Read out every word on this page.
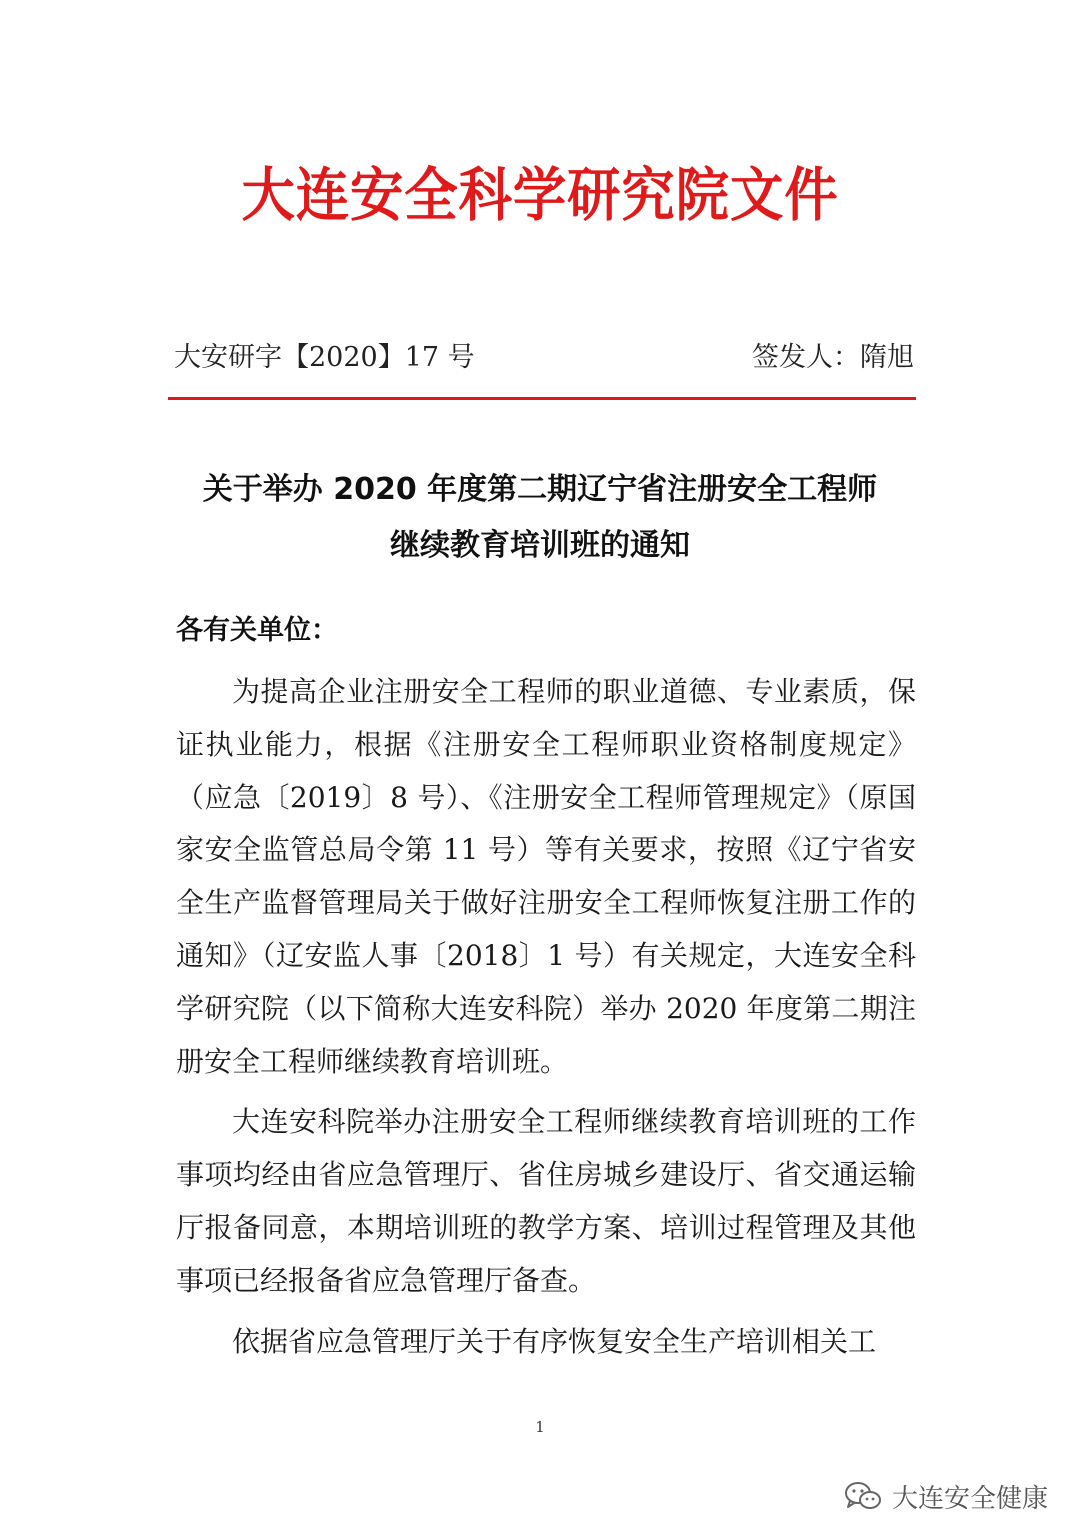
大连安全科学研究院文件
大安研字【2020】17 号	签发人：隋旭
关于举办 2020 年度第二期辽宁省注册安全工程师
继续教育培训班的通知
各有关单位：

为提高企业注册安全工程师的职业道德、专业素质，保证执业能力，根据《注册安全工程师职业资格制度规定》（应急〔2019〕8 号）、《注册安全工程师管理规定》（原国家安全监管总局令第 11 号）等有关要求，按照《辽宁省安全生产监督管理局关于做好注册安全工程师恢复注册工作的通知》（辽安监人事〔2018〕1 号）有关规定，大连安全科学研究院（以下简称大连安科院）举办 2020 年度第二期注册安全工程师继续教育培训班。

大连安科院举办注册安全工程师继续教育培训班的工作事项均经由省应急管理厅、省住房城乡建设厅、省交通运输厅报备同意，本期培训班的教学方案、培训过程管理及其他事项已经报备省应急管理厅备查。

依据省应急管理厅关于有序恢复安全生产培训相关工

1
大连安全健康
